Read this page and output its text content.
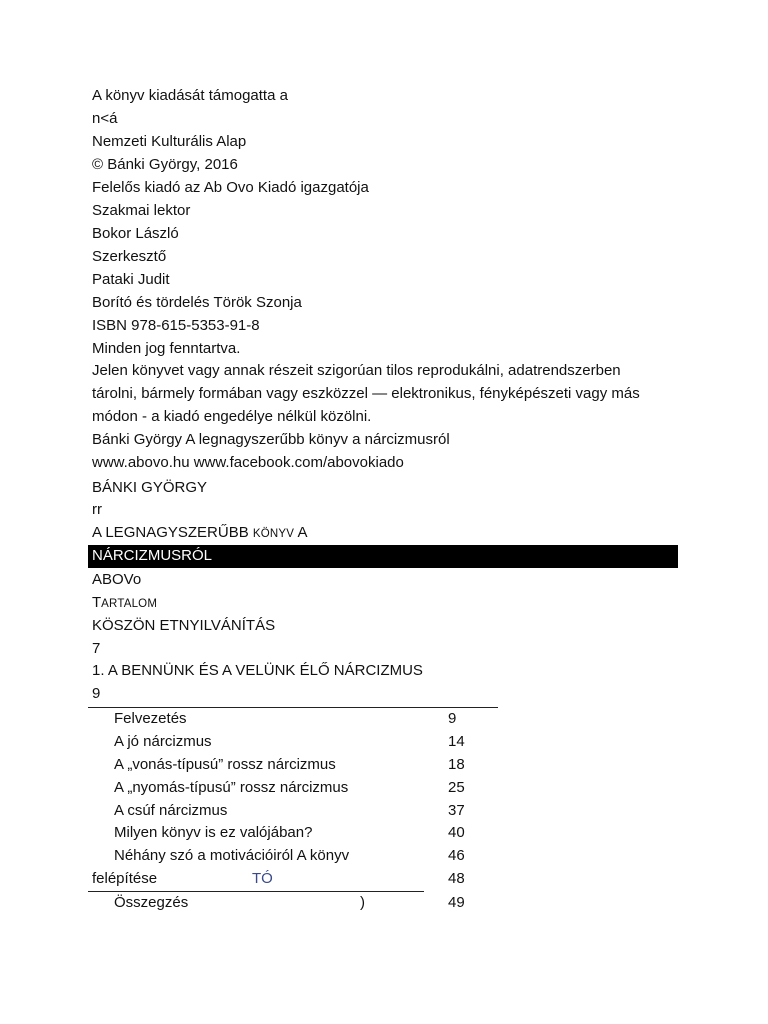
A könyv kiadását támogatta a
n<á
Nemzeti Kulturális Alap
© Bánki György, 2016
Felelős kiadó az Ab Ovo Kiadó igazgatója
Szakmai lektor
Bokor László
Szerkesztő
Pataki Judit
Borító és tördelés Török Szonja
ISBN 978-615-5353-91-8
Minden jog fenntartva.
Jelen könyvet vagy annak részeit szigorúan tilos reprodukálni, adatrendszerben
tárolni, bármely formában vagy eszközzel — elektronikus, fényképészeti vagy más
módon - a kiadó engedélye nélkül közölni.
Bánki György A legnagyszerűbb könyv a nárcizmusról
www.abovo.hu www.facebook.com/abovokiado
BÁNKI GYÖRGY
rr
A LEGNAGYSZERŰBB KÖNYV A
NÁRCIZMUSRÓL
ABOVo
TARTALOM
KÖSZÖN ETNYILVÁNÍTÁS
7
1. A BENNÜNK ÉS A VELÜNK ÉLŐ NÁRCIZMUS
9
Felvezetés	9
A jó nárcizmus	14
A „vonás-típusú” rossz nárcizmus	18
A „nyomás-típusú” rossz nárcizmus	25
A csúf nárcizmus	37
Milyen könyv is ez valójában?	40
Néhány szó a motivációiról A könyv	46
felépítése	TÓ	48
Összegzés	)	49
